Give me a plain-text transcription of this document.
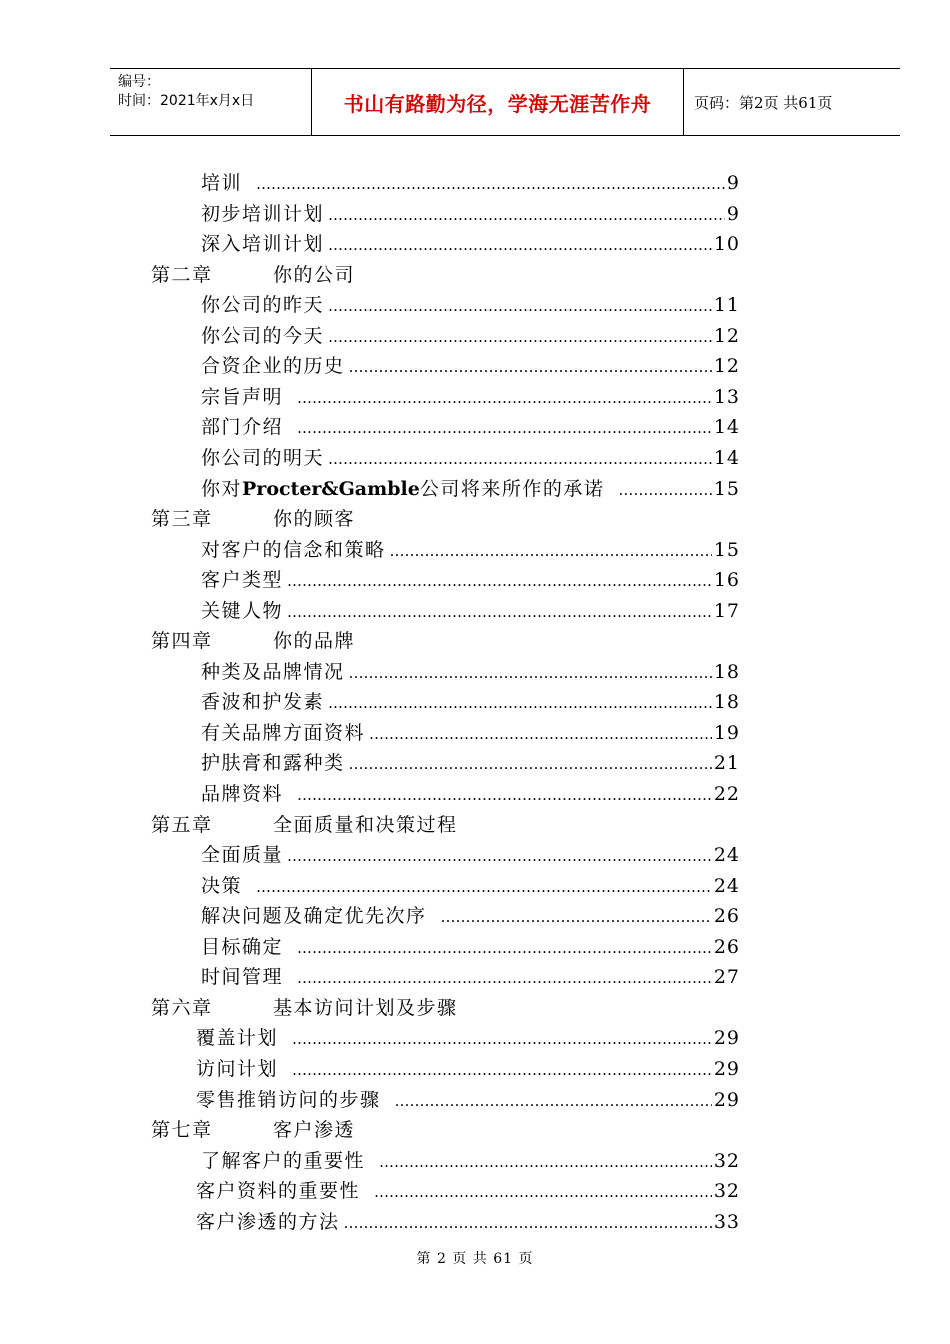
编号：
时间：2021年x月x日	书山有路勤为径，学海无涯苦作舟	页码：第2页 共61页
培训 ………………………………………………………………………………………………………………………………………………………………………………	9
初步培训计划 ………………………………………………………………………………………………………………………………………………………………………………	9
深入培训计划 ………………………………………………………………………………………………………………………………………………………………………………	10
第二章	你的公司
你公司的昨天 ………………………………………………………………………………………………………………………………………………………………………………	11
你公司的今天 ………………………………………………………………………………………………………………………………………………………………………………	12
合资企业的历史 ………………………………………………………………………………………………………………………………………………………………………………	12
宗旨声明 ………………………………………………………………………………………………………………………………………………………………………………	13
部门介绍 ………………………………………………………………………………………………………………………………………………………………………………	14
你公司的明天 ………………………………………………………………………………………………………………………………………………………………………………	14
你对Procter&Gamble公司将来所作的承诺 ………………………………………………………………………………………………………………………………………………………………………………	15
第三章	你的顾客
对客户的信念和策略 ………………………………………………………………………………………………………………………………………………………………………………	15
客户类型 ………………………………………………………………………………………………………………………………………………………………………………	16
关键人物 ………………………………………………………………………………………………………………………………………………………………………………	17
第四章	你的品牌
种类及品牌情况 ………………………………………………………………………………………………………………………………………………………………………………	18
香波和护发素 ………………………………………………………………………………………………………………………………………………………………………………	18
有关品牌方面资料 ………………………………………………………………………………………………………………………………………………………………………………	19
护肤膏和露种类 ………………………………………………………………………………………………………………………………………………………………………………	21
品牌资料 ………………………………………………………………………………………………………………………………………………………………………………	22
第五章	全面质量和决策过程
全面质量 ………………………………………………………………………………………………………………………………………………………………………………	24
决策 ………………………………………………………………………………………………………………………………………………………………………………	24
解决问题及确定优先次序 ………………………………………………………………………………………………………………………………………………………………………………	26
目标确定 ………………………………………………………………………………………………………………………………………………………………………………	26
时间管理 ………………………………………………………………………………………………………………………………………………………………………………	27
第六章	基本访问计划及步骤
覆盖计划 ………………………………………………………………………………………………………………………………………………………………………………	29
访问计划 ………………………………………………………………………………………………………………………………………………………………………………	29
零售推销访问的步骤 ………………………………………………………………………………………………………………………………………………………………………………	29
第七章	客户渗透
了解客户的重要性 ………………………………………………………………………………………………………………………………………………………………………………	32
客户资料的重要性 ………………………………………………………………………………………………………………………………………………………………………………	32
客户渗透的方法 ………………………………………………………………………………………………………………………………………………………………………………	33
第 2 页 共 61 页
